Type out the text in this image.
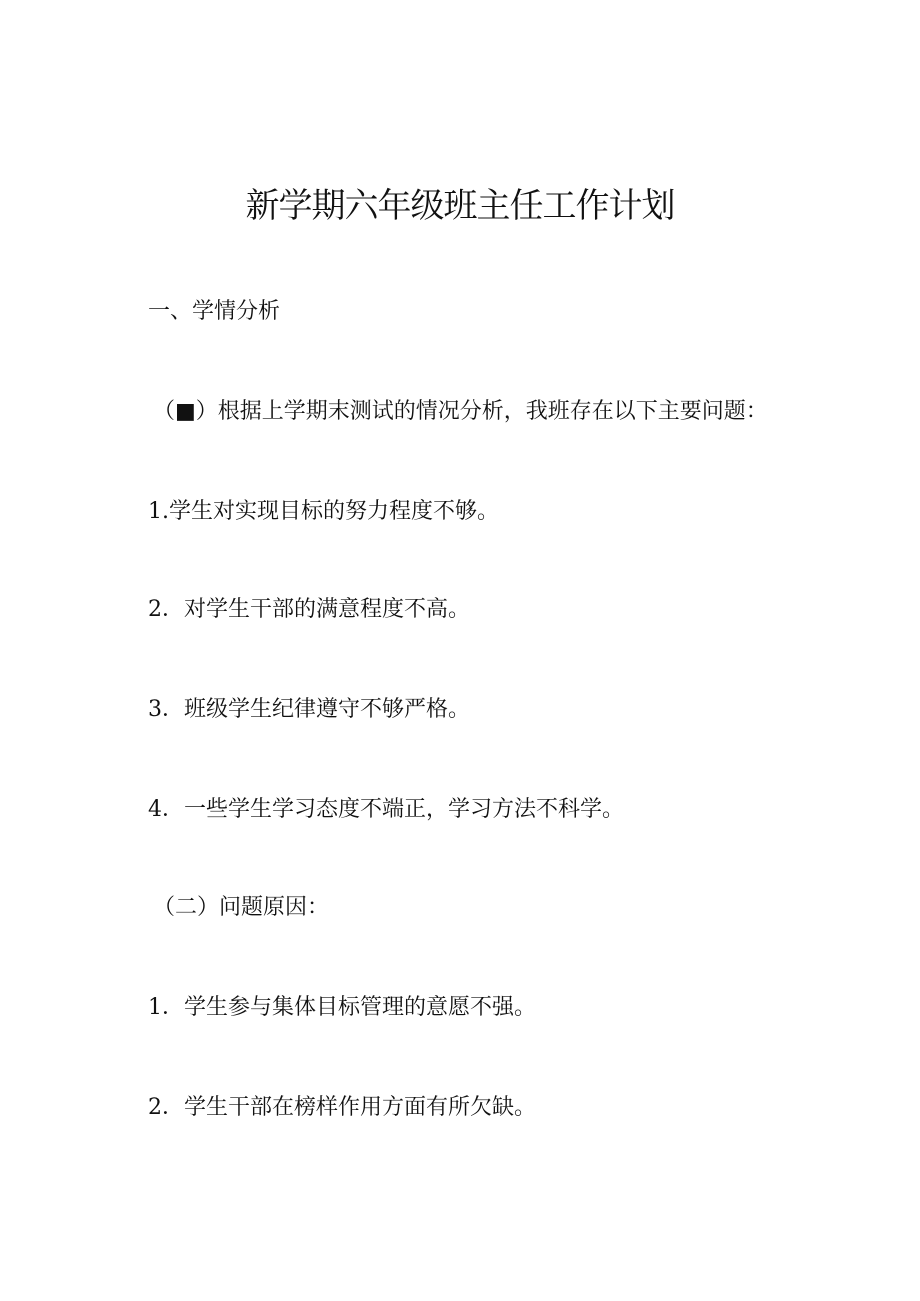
新学期六年级班主任工作计划

一、学情分析

（■）根据上学期末测试的情况分析，我班存在以下主要问题：

1.学生对实现目标的努力程度不够。

2．对学生干部的满意程度不高。

3．班级学生纪律遵守不够严格。

4．一些学生学习态度不端正，学习方法不科学。

（二）问题原因：

1．学生参与集体目标管理的意愿不强。

2．学生干部在榜样作用方面有所欠缺。
